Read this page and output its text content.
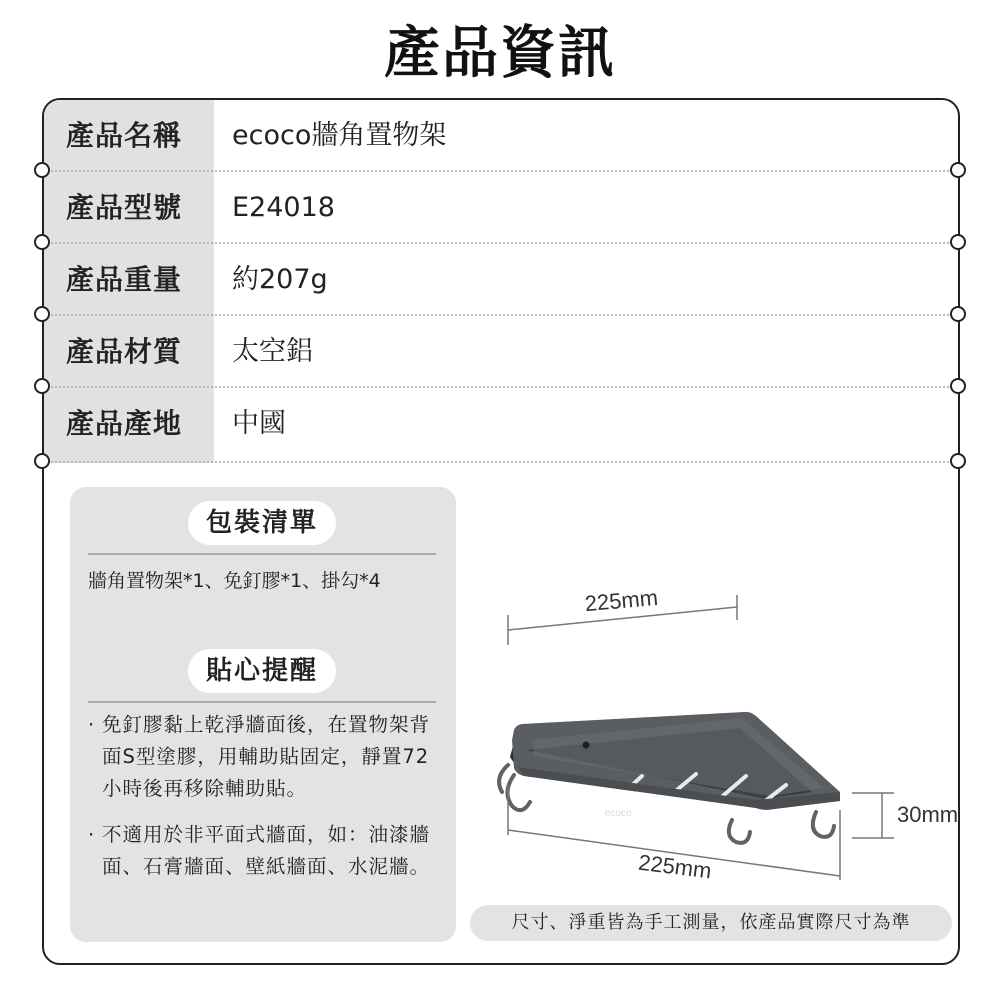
產品資訊
產品名稱	ecoco牆角置物架
產品型號	E24018
產品重量	約207g
產品材質	太空鋁
產品產地	中國
包裝清單
牆角置物架*1、免釘膠*1、掛勾*4
貼心提醒
· 免釘膠黏上乾淨牆面後，在置物架背面S型塗膠，用輔助貼固定，靜置72小時後再移除輔助貼。
· 不適用於非平面式牆面，如：油漆牆面、石膏牆面、壁紙牆面、水泥牆。
225mm
ecoco
225mm
30mm
尺寸、淨重皆為手工測量，依產品實際尺寸為準
